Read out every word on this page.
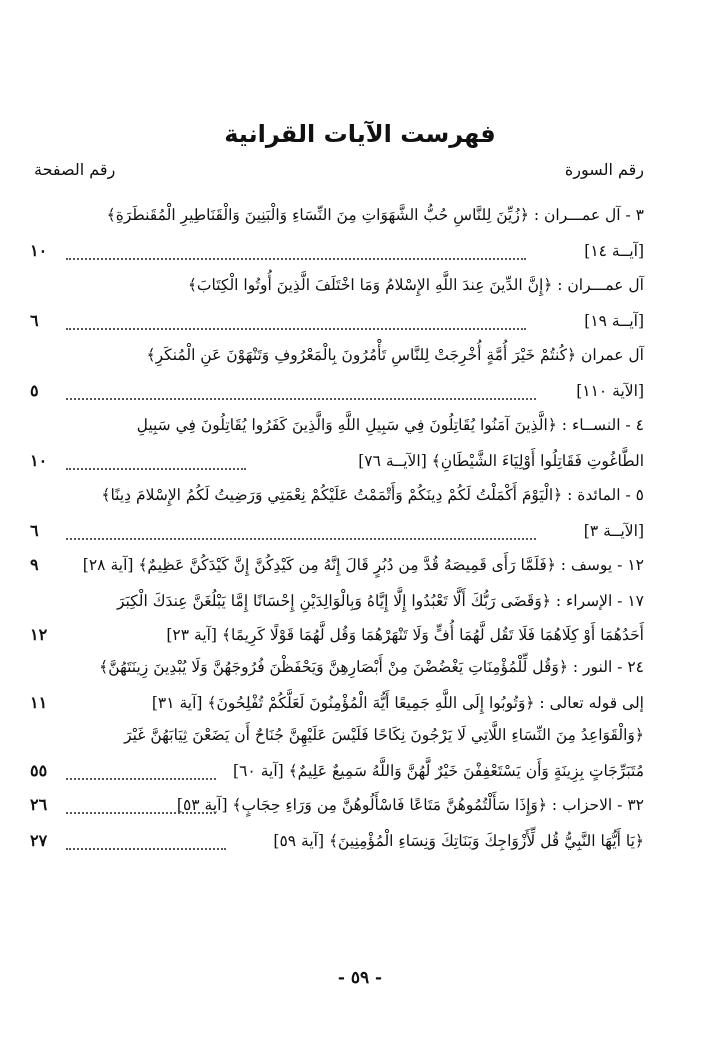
فهرست الآيات القرانية
رقم السورة
رقم الصفحة
٣ - آل عمـــران : ﴿زُيِّنَ لِلنَّاسِ حُبُّ الشَّهَوَاتِ مِنَ النِّسَاءِ وَالْبَنِينَ وَالْقَنَاطِيرِ الْمُقَنطَرَةِ﴾
[آيــة ١٤]
١٠
آل عمـــران : ﴿إِنَّ الدِّينَ عِندَ اللَّهِ الإِسْلامُ وَمَا اخْتَلَفَ الَّذِينَ أُوتُوا الْكِتَابَ﴾
[آيــة ١٩]
٦
آل عمران ﴿كُنتُمْ خَيْرَ أُمَّةٍ أُخْرِجَتْ لِلنَّاسِ تَأْمُرُونَ بِالْمَعْرُوفِ وَتَنْهَوْنَ عَنِ الْمُنكَرِ﴾
[الآية ١١٠]
٥
٤ - النســاء : ﴿الَّذِينَ آمَنُوا يُقَاتِلُونَ فِي سَبِيلِ اللَّهِ وَالَّذِينَ كَفَرُوا يُقَاتِلُونَ فِي سَبِيلِ
الطَّاغُوتِ فَقَاتِلُوا أَوْلِيَاءَ الشَّيْطَانِ﴾ [الآيــة ٧٦]
١٠
٥ - المائدة : ﴿الْيَوْمَ أَكْمَلْتُ لَكُمْ دِينَكُمْ وَأَتْمَمْتُ عَلَيْكُمْ نِعْمَتِي وَرَضِيتُ لَكُمُ الإِسْلامَ دِينًا﴾
[الآيــة ٣]
٦
١٢ - يوسف : ﴿فَلَمَّا رَأَى قَمِيصَهُ قُدَّ مِن دُبُرٍ قَالَ إِنَّهُ مِن كَيْدِكُنَّ إِنَّ كَيْدَكُنَّ عَظِيمٌ﴾ [آية ٢٨]
٩
١٧ - الإسراء : ﴿وَقَضَى رَبُّكَ أَلَّا تَعْبُدُوا إِلَّا إِيَّاهُ وَبِالْوَالِدَيْنِ إِحْسَانًا إِمَّا يَبْلُغَنَّ عِندَكَ الْكِبَرَ
أَحَدُهُمَا أَوْ كِلَاهُمَا فَلَا تَقُل لَّهُمَا أُفٍّ وَلَا تَنْهَرْهُمَا وَقُل لَّهُمَا قَوْلًا كَرِيمًا﴾ [آية ٢٣]
١٢
٢٤ - النور : ﴿وَقُل لِّلْمُؤْمِنَاتِ يَغْضُضْنَ مِنْ أَبْصَارِهِنَّ وَيَحْفَظْنَ فُرُوجَهُنَّ وَلَا يُبْدِينَ زِينَتَهُنَّ﴾
إلى قوله تعالى : ﴿وَتُوبُوا إِلَى اللَّهِ جَمِيعًا أَيُّهَ الْمُؤْمِنُونَ لَعَلَّكُمْ تُفْلِحُونَ﴾ [آية ٣١]
١١
﴿وَالْقَوَاعِدُ مِنَ النِّسَاءِ اللَّاتِي لَا يَرْجُونَ نِكَاحًا فَلَيْسَ عَلَيْهِنَّ جُنَاحٌ أَن يَضَعْنَ ثِيَابَهُنَّ غَيْرَ
مُتَبَرِّجَاتٍ بِزِينَةٍ وَأَن يَسْتَعْفِفْنَ خَيْرٌ لَّهُنَّ وَاللَّهُ سَمِيعٌ عَلِيمٌ﴾ [آية ٦٠]
٥٥
٣٢ - الاحزاب : ﴿وَإِذَا سَأَلْتُمُوهُنَّ مَتَاعًا فَاسْأَلُوهُنَّ مِن وَرَاءِ حِجَابٍ﴾ [آية ٥٣]
٢٦
﴿يَا أَيُّهَا النَّبِيُّ قُل لِّأَزْوَاجِكَ وَبَنَاتِكَ وَنِسَاءِ الْمُؤْمِنِينَ﴾ [آية ٥٩]
٢٧
- ٥٩ -
